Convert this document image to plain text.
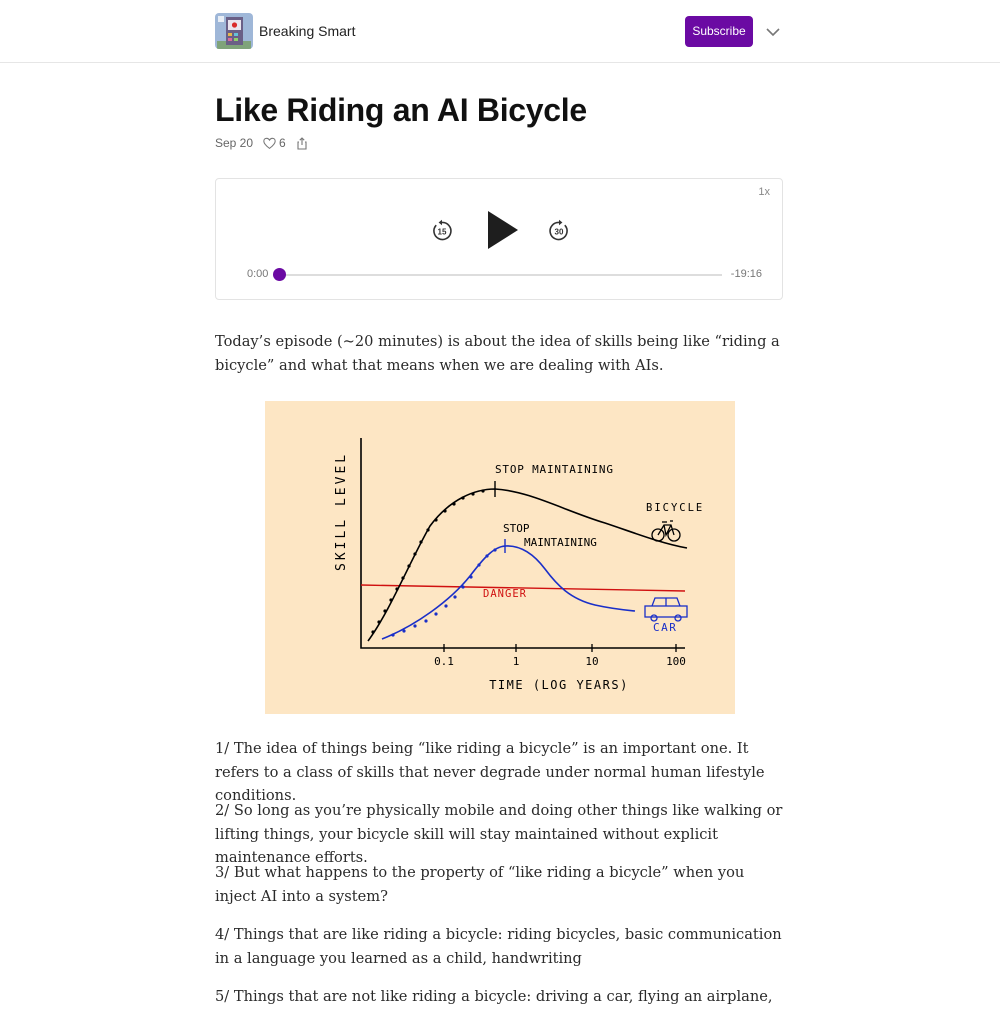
Breaking Smart	Subscribe
Like Riding an AI Bicycle
Sep 20 6
1x
15	30
0:00	-19:16

Today’s episode (~20 minutes) is about the idea of skills being like “riding a bicycle” and what that means when we are dealing with AIs.

SKILL LEVEL
0.1	1	10	100
TIME (LOG YEARS)
DANGER
STOP MAINTAINING
BICYCLE
STOP
MAINTAINING
CAR

1/ The idea of things being “like riding a bicycle” is an important one. It refers to a class of skills that never degrade under normal human lifestyle conditions.

2/ So long as you’re physically mobile and doing other things like walking or lifting things, your bicycle skill will stay maintained without explicit maintenance efforts.

3/ But what happens to the property of “like riding a bicycle” when you inject AI into a system?

4/ Things that are like riding a bicycle: riding bicycles, basic communication in a language you learned as a child, handwriting

5/ Things that are not like riding a bicycle: driving a car, flying an airplane,
